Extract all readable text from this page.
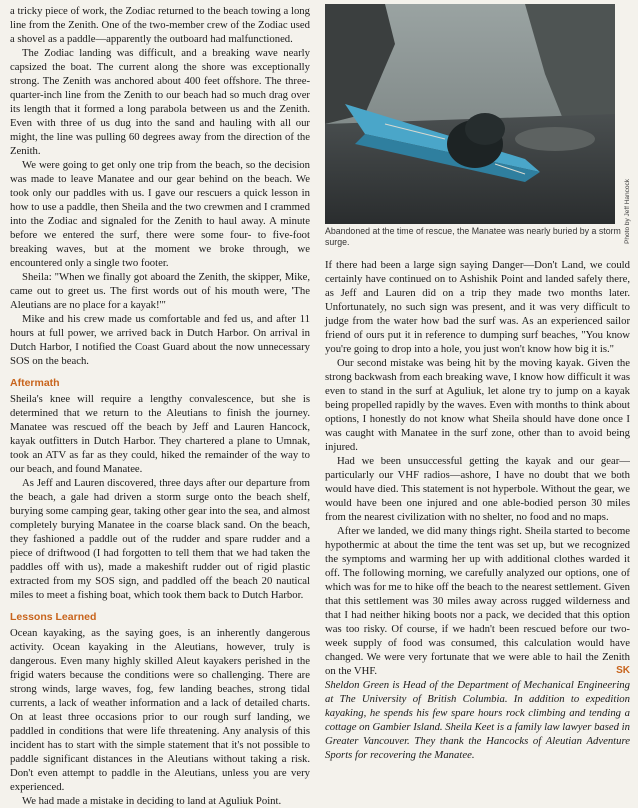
a tricky piece of work, the Zodiac returned to the beach towing a long line from the Zenith. One of the two-member crew of the Zodiac used a shovel as a paddle—apparently the outboard had malfunctioned.

The Zodiac landing was difficult, and a breaking wave nearly capsized the boat. The current along the shore was exceptionally strong. The Zenith was anchored about 400 feet offshore. The three-quarter-inch line from the Zenith to our beach had so much drag over its length that it formed a long parabola between us and the Zenith. Even with three of us dug into the sand and hauling with all our might, the line was pulling 60 degrees away from the direction of the Zenith.

We were going to get only one trip from the beach, so the decision was made to leave Manatee and our gear behind on the beach. We took only our paddles with us. I gave our rescuers a quick lesson in how to use a paddle, then Sheila and the two crewmen and I crammed into the Zodiac and signaled for the Zenith to haul away. A minute before we entered the surf, there were some four- to five-foot breaking waves, but at the moment we broke through, we encountered only a single two footer.

Sheila: "When we finally got aboard the Zenith, the skipper, Mike, came out to greet us. The first words out of his mouth were, 'The Aleutians are no place for a kayak!'"

Mike and his crew made us comfortable and fed us, and after 11 hours at full power, we arrived back in Dutch Harbor. On arrival in Dutch Harbor, I notified the Coast Guard about the now unnecessary SOS on the beach.

Aftermath

Sheila's knee will require a lengthy convalescence, but she is determined that we return to the Aleutians to finish the journey. Manatee was rescued off the beach by Jeff and Lauren Hancock, kayak outfitters in Dutch Harbor. They chartered a plane to Umnak, took an ATV as far as they could, hiked the remainder of the way to our beach, and found Manatee.

As Jeff and Lauren discovered, three days after our departure from the beach, a gale had driven a storm surge onto the beach shelf, burying some camping gear, taking other gear into the sea, and almost completely burying Manatee in the coarse black sand. On the beach, they fashioned a paddle out of the rudder and spare rudder and a piece of driftwood (I had forgotten to tell them that we had taken the paddles off with us), made a makeshift rudder out of rigid plastic extracted from my SOS sign, and paddled off the beach 20 nautical miles to meet a fishing boat, which took them back to Dutch Harbor.

Lessons Learned

Ocean kayaking, as the saying goes, is an inherently dangerous activity. Ocean kayaking in the Aleutians, however, truly is dangerous. Even many highly skilled Aleut kayakers perished in the frigid waters because the conditions were so challenging. There are strong winds, large waves, fog, few landing beaches, strong tidal currents, a lack of weather information and a lack of detailed charts. On at least three occasions prior to our rough surf landing, we paddled in conditions that were life threatening. Any analysis of this incident has to start with the simple statement that it's not possible to paddle significant distances in the Aleutians without taking a risk. Don't even attempt to paddle in the Aleutians, unless you are very experienced.

We had made a mistake in deciding to land at Aguliuk Point.

Photo by Jeff Hancock
Abandoned at the time of rescue, the Manatee was nearly buried by a storm surge.

If there had been a large sign saying Danger—Don't Land, we could certainly have continued on to Ashishik Point and landed safely there, as Jeff and Lauren did on a trip they made two months later. Unfortunately, no such sign was present, and it was very difficult to judge from the water how bad the surf was. As an experienced sailor friend of ours put it in reference to dumping surf beaches, "You know you're going to drop into a hole, you just won't know how big it is."

Our second mistake was being hit by the moving kayak. Given the strong backwash from each breaking wave, I know how difficult it was even to stand in the surf at Aguliuk, let alone try to jump on a kayak being propelled rapidly by the waves. Even with months to think about options, I honestly do not know what Sheila should have done once I was caught with Manatee in the surf zone, other than to avoid being injured.

Had we been unsuccessful getting the kayak and our gear—particularly our VHF radios—ashore, I have no doubt that we both would have died. This statement is not hyperbole. Without the gear, we would have been one injured and one able-bodied person 30 miles from the nearest civilization with no shelter, no food and no maps.

After we landed, we did many things right. Sheila started to become hypothermic at about the time the tent was set up, but we recognized the symptoms and warming her up with additional clothes warded it off. The following morning, we carefully analyzed our options, one of which was for me to hike off the beach to the nearest settlement. Given that this settlement was 30 miles away across rugged wilderness and that I had neither hiking boots nor a pack, we decided that this option was too risky. Of course, if we hadn't been rescued before our two-week supply of food was consumed, this calculation would have changed. We were very fortunate that we were able to hail the Zenith on the VHF.	SK

Sheldon Green is Head of the Department of Mechanical Engineering at The University of British Columbia. In addition to expedition kayaking, he spends his few spare hours rock climbing and tending a cottage on Gambier Island. Sheila Keet is a family law lawyer based in Greater Vancouver. They thank the Hancocks of Aleutian Adventure Sports for recovering the Manatee.
